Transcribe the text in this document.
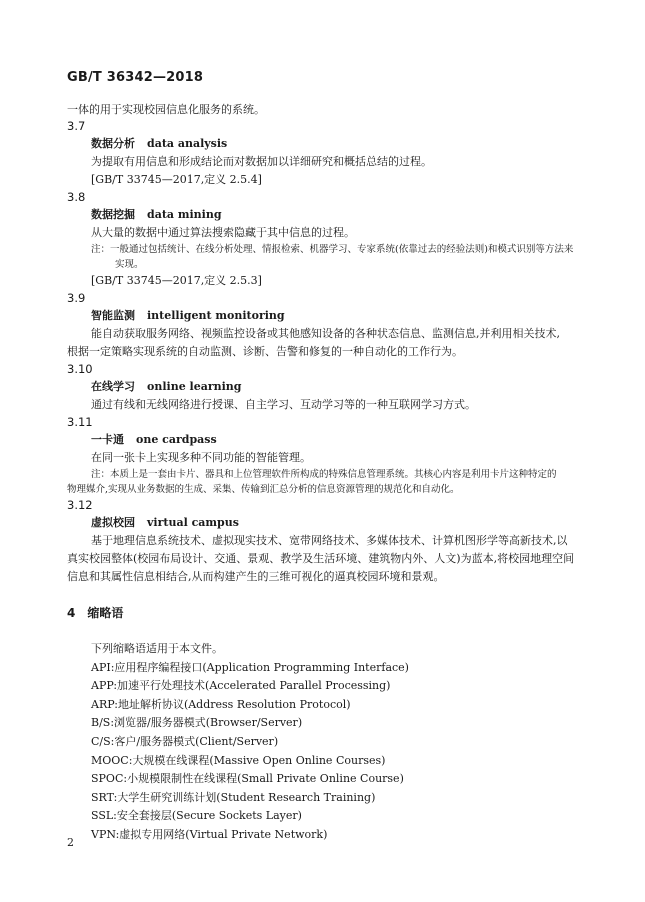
GB/T 36342—2018
一体的用于实现校园信息化服务的系统。
3.7
数据分析 data analysis
为提取有用信息和形成结论而对数据加以详细研究和概括总结的过程。
[GB/T 33745—2017,定义 2.5.4]
3.8
数据挖掘 data mining
从大量的数据中通过算法搜索隐藏于其中信息的过程。
注：一般通过包括统计、在线分析处理、情报检索、机器学习、专家系统(依靠过去的经验法则)和模式识别等方法来
实现。
[GB/T 33745—2017,定义 2.5.3]
3.9
智能监测 intelligent monitoring
能自动获取服务网络、视频监控设备或其他感知设备的各种状态信息、监测信息,并利用相关技术,
根据一定策略实现系统的自动监测、诊断、告警和修复的一种自动化的工作行为。
3.10
在线学习 online learning
通过有线和无线网络进行授课、自主学习、互动学习等的一种互联网学习方式。
3.11
一卡通 one cardpass
在同一张卡上实现多种不同功能的智能管理。
注：本质上是一套由卡片、器具和上位管理软件所构成的特殊信息管理系统。其核心内容是利用卡片这种特定的
物理媒介,实现从业务数据的生成、采集、传输到汇总分析的信息资源管理的规范化和自动化。
3.12
虚拟校园 virtual campus
基于地理信息系统技术、虚拟现实技术、宽带网络技术、多媒体技术、计算机图形学等高新技术,以
真实校园整体(校园布局设计、交通、景观、教学及生活环境、建筑物内外、人文)为蓝本,将校园地理空间
信息和其属性信息相结合,从而构建产生的三维可视化的逼真校园环境和景观。
4 缩略语
下列缩略语适用于本文件。
API:应用程序编程接口(Application Programming Interface)
APP:加速平行处理技术(Accelerated Parallel Processing)
ARP:地址解析协议(Address Resolution Protocol)
B/S:浏览器/服务器模式(Browser/Server)
C/S:客户/服务器模式(Client/Server)
MOOC:大规模在线课程(Massive Open Online Courses)
SPOC:小规模限制性在线课程(Small Private Online Course)
SRT:大学生研究训练计划(Student Research Training)
SSL:安全套接层(Secure Sockets Layer)
VPN:虚拟专用网络(Virtual Private Network)
2
